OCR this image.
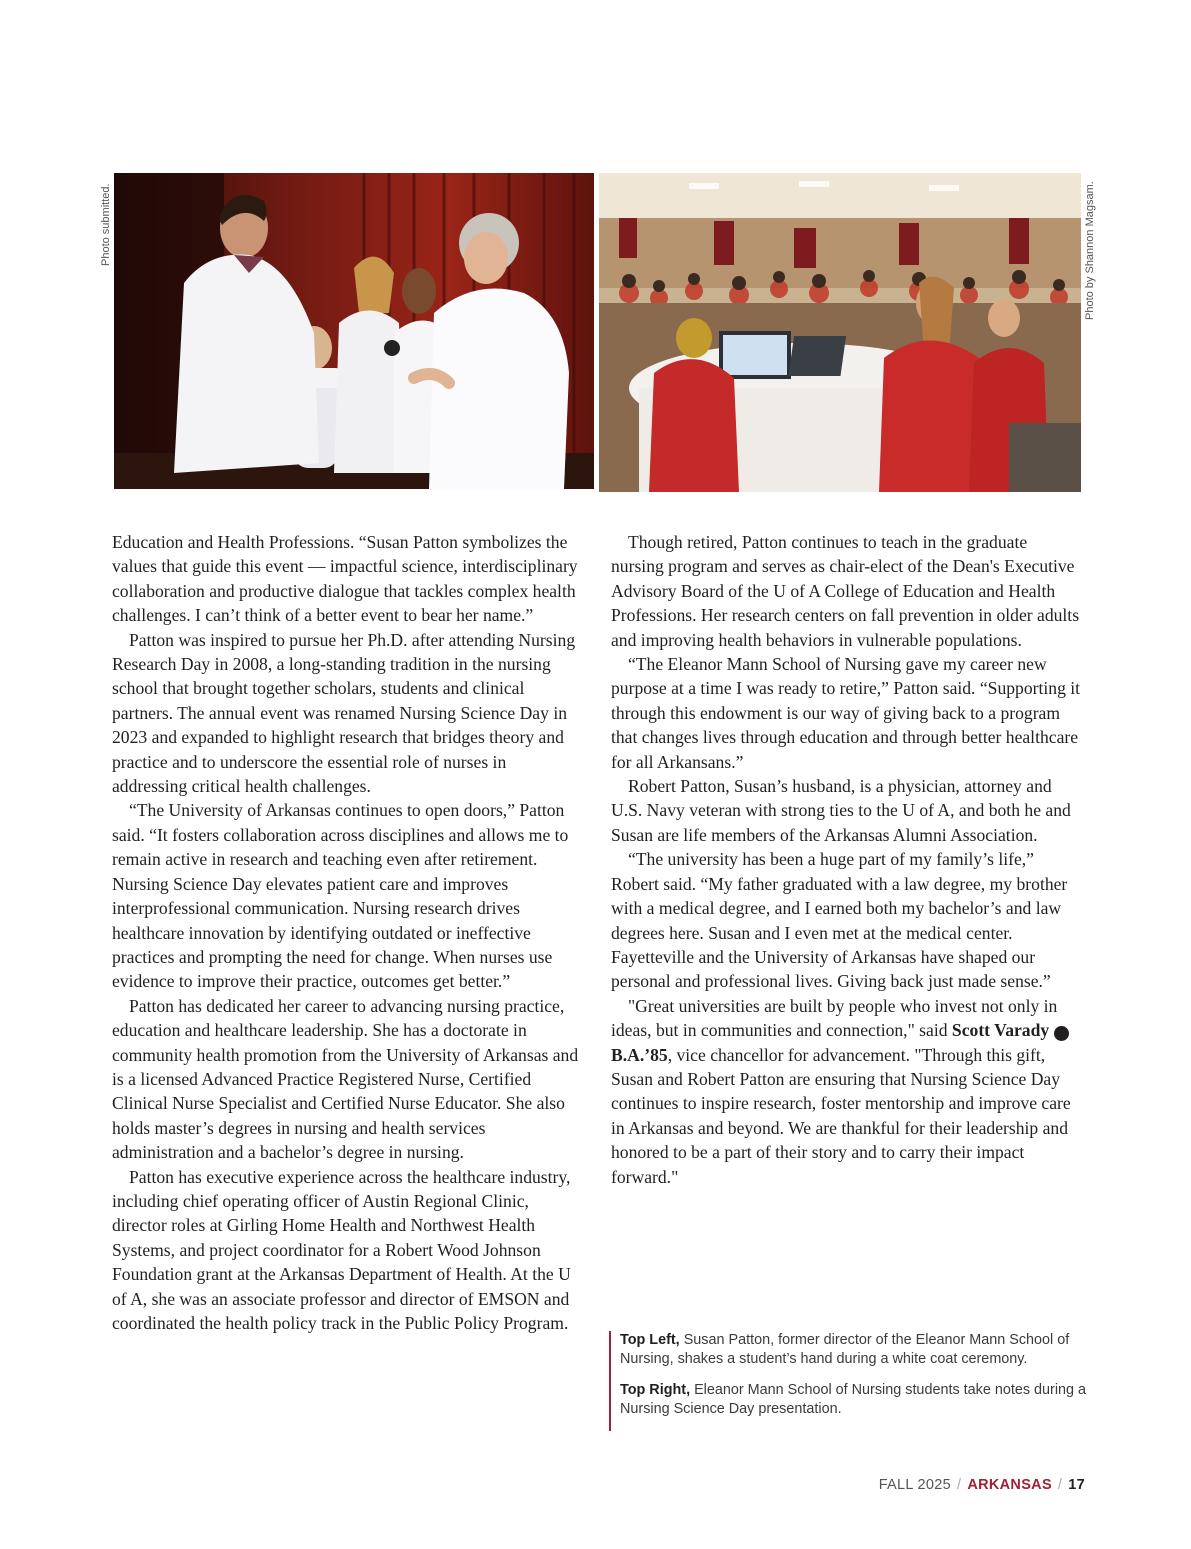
Photo submitted.	Photo by Shannon Magsam.

Education and Health Professions. “Susan Patton symbolizes the values that guide this event — impactful science, interdisciplinary collaboration and productive dialogue that tackles complex health challenges. I can’t think of a better event to bear her name.”

Patton was inspired to pursue her Ph.D. after attending Nursing Research Day in 2008, a long-standing tradition in the nursing school that brought together scholars, students and clinical partners. The annual event was renamed Nursing Science Day in 2023 and expanded to highlight research that bridges theory and practice and to underscore the essential role of nurses in addressing critical health challenges.

“The University of Arkansas continues to open doors,” Patton said. “It fosters collaboration across disciplines and allows me to remain active in research and teaching even after retirement. Nursing Science Day elevates patient care and improves interprofessional communication. Nursing research drives healthcare innovation by identifying outdated or ineffective practices and prompting the need for change. When nurses use evidence to improve their practice, outcomes get better.”

Patton has dedicated her career to advancing nursing practice, education and healthcare leadership. She has a doctorate in community health promotion from the University of Arkansas and is a licensed Advanced Practice Registered Nurse, Certified Clinical Nurse Specialist and Certified Nurse Educator. She also holds master’s degrees in nursing and health services administration and a bachelor’s degree in nursing.

Patton has executive experience across the healthcare industry, including chief operating officer of Austin Regional Clinic, director roles at Girling Home Health and Northwest Health Systems, and project coordinator for a Robert Wood Johnson Foundation grant at the Arkansas Department of Health. At the U of A, she was an associate professor and director of EMSON and coordinated the health policy track in the Public Policy Program.

Though retired, Patton continues to teach in the graduate nursing program and serves as chair-elect of the Dean's Executive Advisory Board of the U of A College of Education and Health Professions. Her research centers on fall prevention in older adults and improving health behaviors in vulnerable populations.

“The Eleanor Mann School of Nursing gave my career new purpose at a time I was ready to retire,” Patton said. “Supporting it through this endowment is our way of giving back to a program that changes lives through education and through better healthcare for all Arkansans.”

Robert Patton, Susan’s husband, is a physician, attorney and U.S. Navy veteran with strong ties to the U of A, and both he and Susan are life members of the Arkansas Alumni Association.

“The university has been a huge part of my family’s life,” Robert said. “My father graduated with a law degree, my brother with a medical degree, and I earned both my bachelor’s and law degrees here. Susan and I even met at the medical center. Fayetteville and the University of Arkansas have shaped our personal and professional lives. Giving back just made sense.”

"Great universities are built by people who invest not only in ideas, but in communities and connection," said Scott Varady ✪ B.A.’85, vice chancellor for advancement. "Through this gift, Susan and Robert Patton are ensuring that Nursing Science Day continues to inspire research, foster mentorship and improve care in Arkansas and beyond. We are thankful for their leadership and honored to be a part of their story and to carry their impact forward."

Top Left, Susan Patton, former director of the Eleanor Mann School of Nursing, shakes a student’s hand during a white coat ceremony.

Top Right, Eleanor Mann School of Nursing students take notes during a Nursing Science Day presentation.

FALL 2025 / ARKANSAS / 17
